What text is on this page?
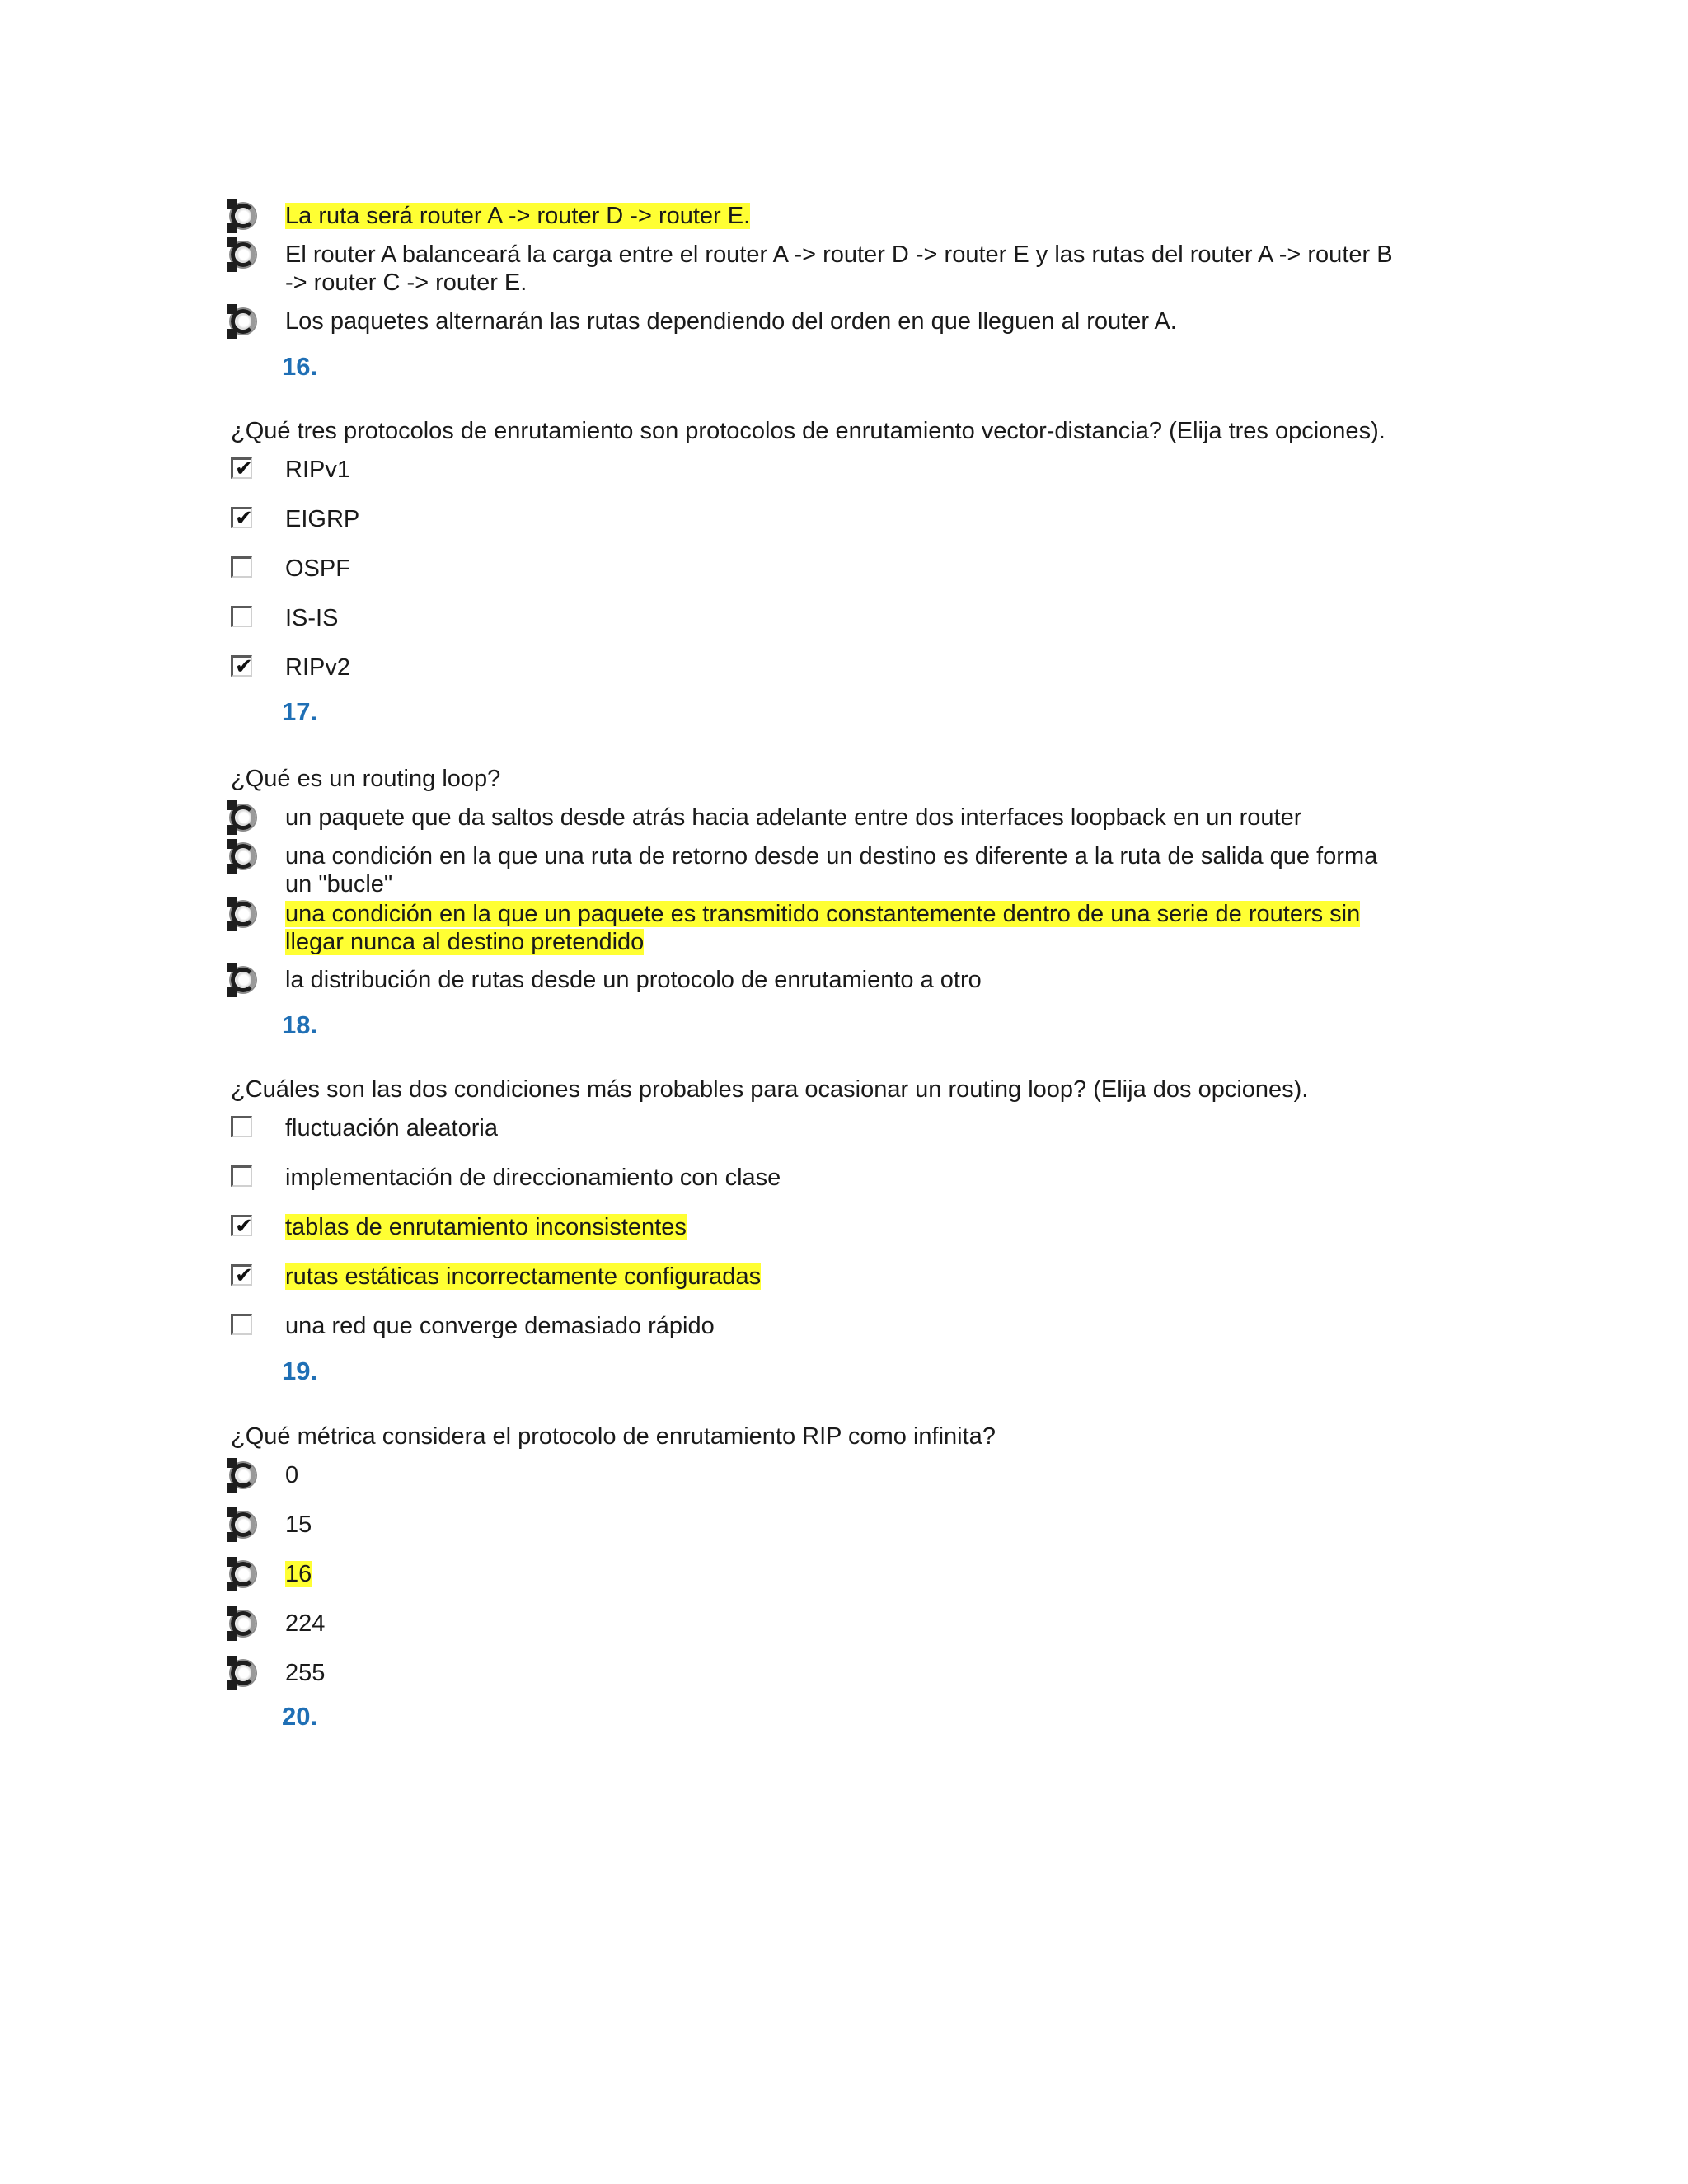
La ruta será router A -> router D -> router E.
El router A balanceará la carga entre el router A -> router D -> router E y las rutas del router A -> router B
-> router C -> router E.
Los paquetes alternarán las rutas dependiendo del orden en que lleguen al router A.
16.
¿Qué tres protocolos de enrutamiento son protocolos de enrutamiento vector-distancia? (Elija tres opciones).
✔ RIPv1
✔ EIGRP
OSPF
IS-IS
✔ RIPv2
17.
¿Qué es un routing loop?
un paquete que da saltos desde atrás hacia adelante entre dos interfaces loopback en un router
una condición en la que una ruta de retorno desde un destino es diferente a la ruta de salida que forma
un "bucle"
una condición en la que un paquete es transmitido constantemente dentro de una serie de routers sin
llegar nunca al destino pretendido
la distribución de rutas desde un protocolo de enrutamiento a otro
18.
¿Cuáles son las dos condiciones más probables para ocasionar un routing loop? (Elija dos opciones).
fluctuación aleatoria
implementación de direccionamiento con clase
✔ tablas de enrutamiento inconsistentes
✔ rutas estáticas incorrectamente configuradas
una red que converge demasiado rápido
19.
¿Qué métrica considera el protocolo de enrutamiento RIP como infinita?
0
15
16
224
255
20.
